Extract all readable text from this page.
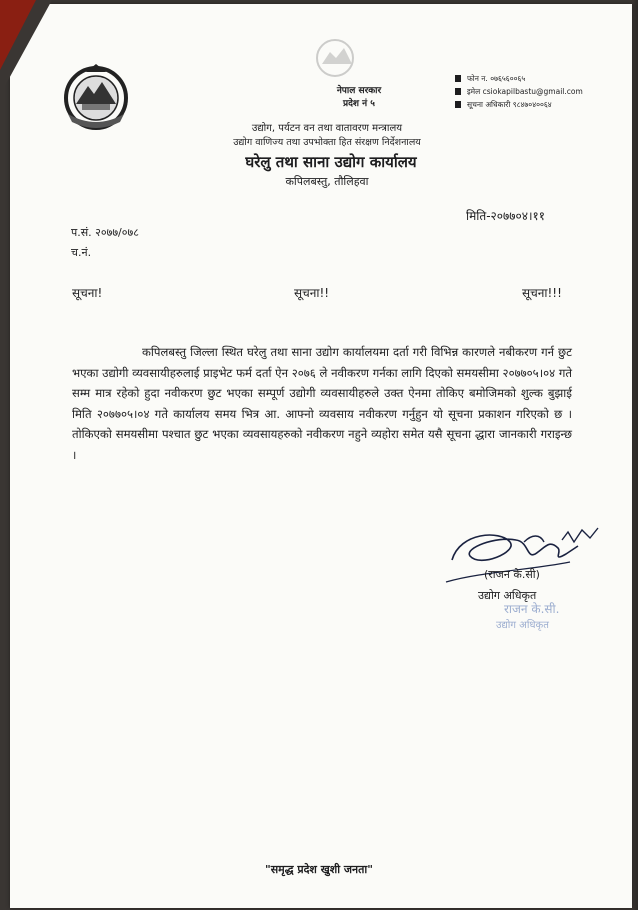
नेपाल सरकार
प्रदेश नं ५
उद्योग, पर्यटन वन तथा वातावरण मन्त्रालय
उद्योग वाणिज्य तथा उपभोक्ता हित संरक्षण निर्देशनालय
घरेलु तथा साना उद्योग कार्यालय
कपिलबस्तु, तौलिहवा
फोन न. ०७६५६००६५
इमेल csiokapilbastu@gmail.com
सूचना अधिकारी ९८४७०४००६४
मिति-२०७७०४।११
प.सं. २०७७/०७८
च.नं.
सूचना!	सूचना!!	सूचना!!!
कपिलबस्तु जिल्ला स्थित घरेलु तथा साना उद्योग कार्यालयमा दर्ता गरी विभिन्न कारणले नबीकरण गर्न छुट भएका उद्योगी व्यवसायीहरुलाई प्राइभेट फर्म दर्ता ऐन २०७६ ले नवीकरण गर्नका लागि दिएको समयसीमा २०७७०५।०४ गते सम्म मात्र रहेको हुदा नवीकरण छुट भएका सम्पूर्ण उद्योगी व्यवसायीहरुले उक्त ऐनमा तोकिए बमोजिमको शुल्क बुझाई मिति २०७७०५।०४ गते कार्यालय समय भित्र आ. आफ्नो व्यवसाय नवीकरण गर्नुहुन यो सूचना प्रकाशन गरिएको छ । तोकिएको समयसीमा पश्चात छुट भएका व्यवसायहरुको नवीकरण नहुने व्यहोरा समेत यसै सूचना द्धारा जानकारी गराइन्छ ।
राजन के.सी.
उद्योग अधिकृत
(राजन के.सी)
उद्योग अधिकृत
"समृद्ध प्रदेश खुशी जनता"
